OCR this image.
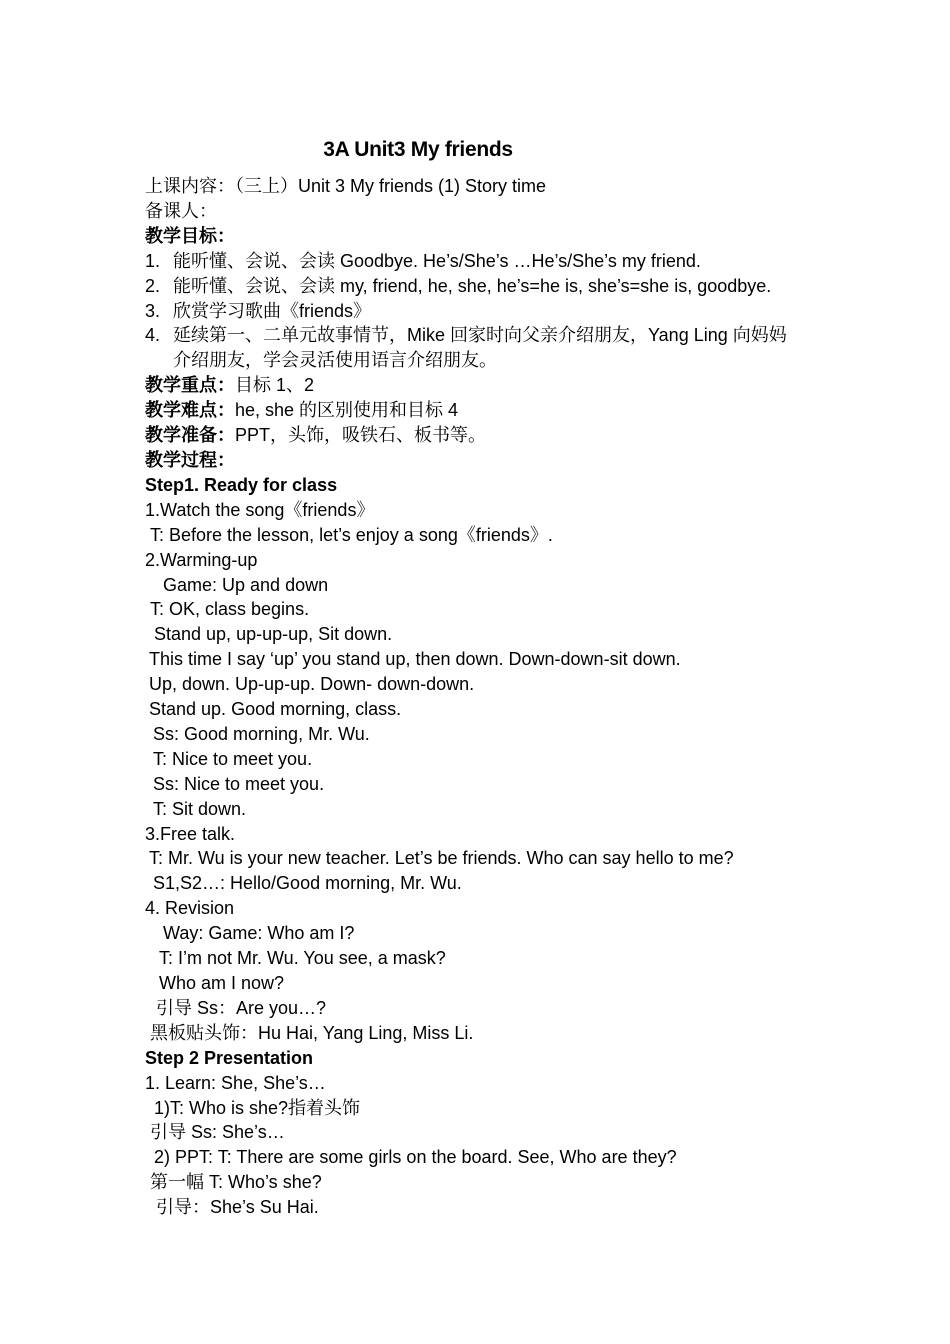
3A Unit3 My friends
上课内容：（三上）Unit 3 My friends (1) Story time
备课人：
教学目标：
1. 能听懂、会说、会读 Goodbye. He’s/She’s …He’s/She’s my friend.
2. 能听懂、会说、会读 my, friend, he, she, he’s=he is, she’s=she is, goodbye.
3. 欣赏学习歌曲《friends》
4. 延续第一、二单元故事情节，Mike 回家时向父亲介绍朋友，Yang Ling 向妈妈
介绍朋友，学会灵活使用语言介绍朋友。
教学重点：目标 1、2
教学难点：he, she 的区别使用和目标 4
教学准备：PPT，头饰，吸铁石、板书等。
教学过程：
Step1. Ready for class
1.Watch the song《friends》
T: Before the lesson, let’s enjoy a song《friends》.
2.Warming-up
Game: Up and down
T: OK, class begins.
Stand up, up-up-up, Sit down.
This time I say ‘up’ you stand up, then down. Down-down-sit down.
Up, down. Up-up-up. Down- down-down.
Stand up. Good morning, class.
Ss: Good morning, Mr. Wu.
T: Nice to meet you.
Ss: Nice to meet you.
T: Sit down.
3.Free talk.
T: Mr. Wu is your new teacher. Let’s be friends. Who can say hello to me?
S1,S2…: Hello/Good morning, Mr. Wu.
4. Revision
Way: Game: Who am I?
T: I’m not Mr. Wu. You see, a mask?
Who am I now?
引导 Ss：Are you…?
黑板贴头饰：Hu Hai, Yang Ling, Miss Li.
Step 2 Presentation
1. Learn: She, She’s…
1)T: Who is she?指着头饰
引导 Ss: She’s…
2) PPT: T: There are some girls on the board. See, Who are they?
第一幅 T: Who’s she?
引导：She’s Su Hai.
